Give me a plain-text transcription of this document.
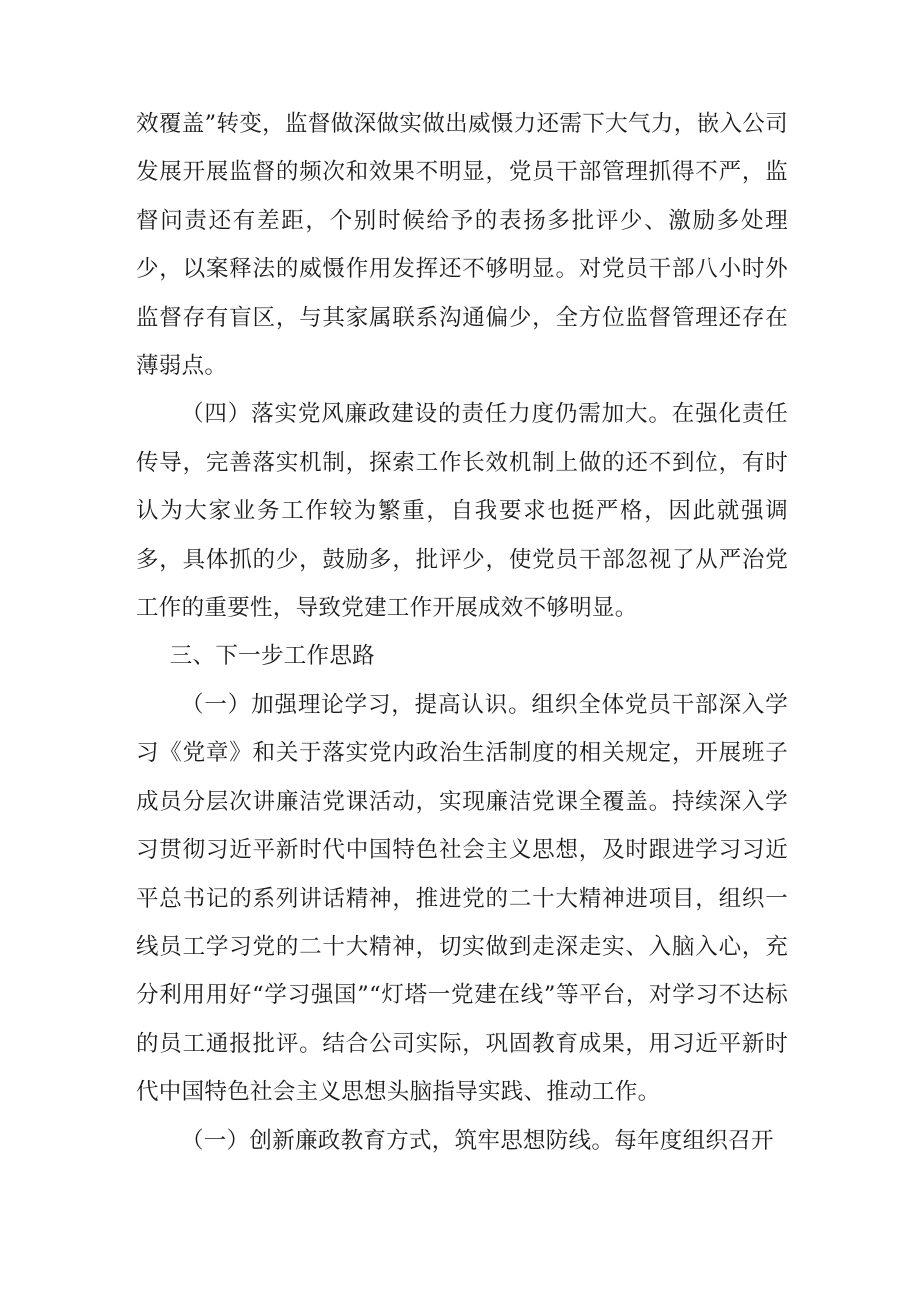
效覆盖”转变，监督做深做实做出威慑力还需下大气力，嵌入公司发展开展监督的频次和效果不明显，党员干部管理抓得不严，监督问责还有差距，个别时候给予的表扬多批评少、激励多处理少，以案释法的威慑作用发挥还不够明显。对党员干部八小时外监督存有盲区，与其家属联系沟通偏少，全方位监督管理还存在薄弱点。

（四）落实党风廉政建设的责任力度仍需加大。在强化责任传导，完善落实机制，探索工作长效机制上做的还不到位，有时认为大家业务工作较为繁重，自我要求也挺严格，因此就强调多，具体抓的少，鼓励多，批评少，使党员干部忽视了从严治党工作的重要性，导致党建工作开展成效不够明显。

三、下一步工作思路

（一）加强理论学习，提高认识。组织全体党员干部深入学习《党章》和关于落实党内政治生活制度的相关规定，开展班子成员分层次讲廉洁党课活动，实现廉洁党课全覆盖。持续深入学习贯彻习近平新时代中国特色社会主义思想，及时跟进学习习近平总书记的系列讲话精神，推进党的二十大精神进项目，组织一线员工学习党的二十大精神，切实做到走深走实、入脑入心，充分利用用好“学习强国”“灯塔一党建在线”等平台，对学习不达标的员工通报批评。结合公司实际，巩固教育成果，用习近平新时代中国特色社会主义思想头脑指导实践、推动工作。

（一）创新廉政教育方式，筑牢思想防线。每年度组织召开
